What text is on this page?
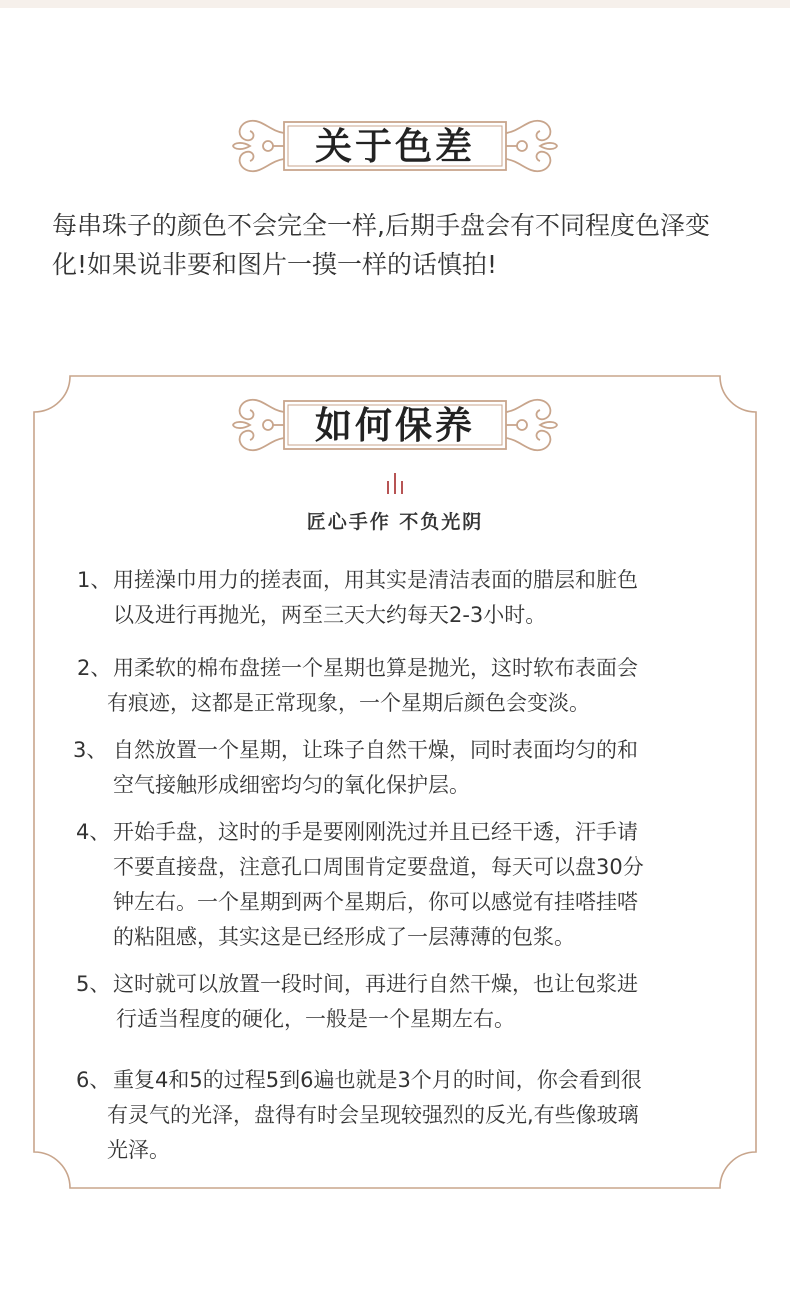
关于色差
每串珠子的颜色不会完全一样,后期手盘会有不同程度色泽变
化!如果说非要和图片一摸一样的话慎拍!
如何保养
匠心手作 不负光阴
1、 用搓澡巾用力的搓表面，用其实是清洁表面的腊层和脏色
以及进行再抛光，两至三天大约每天2-3小时。
2、 用柔软的棉布盘搓一个星期也算是抛光，这时软布表面会
有痕迹，这都是正常现象，一个星期后颜色会变淡。
3、 自然放置一个星期，让珠子自然干燥，同时表面均匀的和
空气接触形成细密均匀的氧化保护层。
4、 开始手盘，这时的手是要刚刚洗过并且已经干透，汗手请
不要直接盘，注意孔口周围肯定要盘道，每天可以盘30分
钟左右。一个星期到两个星期后，你可以感觉有挂嗒挂嗒
的粘阻感，其实这是已经形成了一层薄薄的包浆。
5、 这时就可以放置一段时间，再进行自然干燥，也让包浆进
行适当程度的硬化，一般是一个星期左右。
6、 重复4和5的过程5到6遍也就是3个月的时间，你会看到很
有灵气的光泽，盘得有时会呈现较强烈的反光,有些像玻璃
光泽。
